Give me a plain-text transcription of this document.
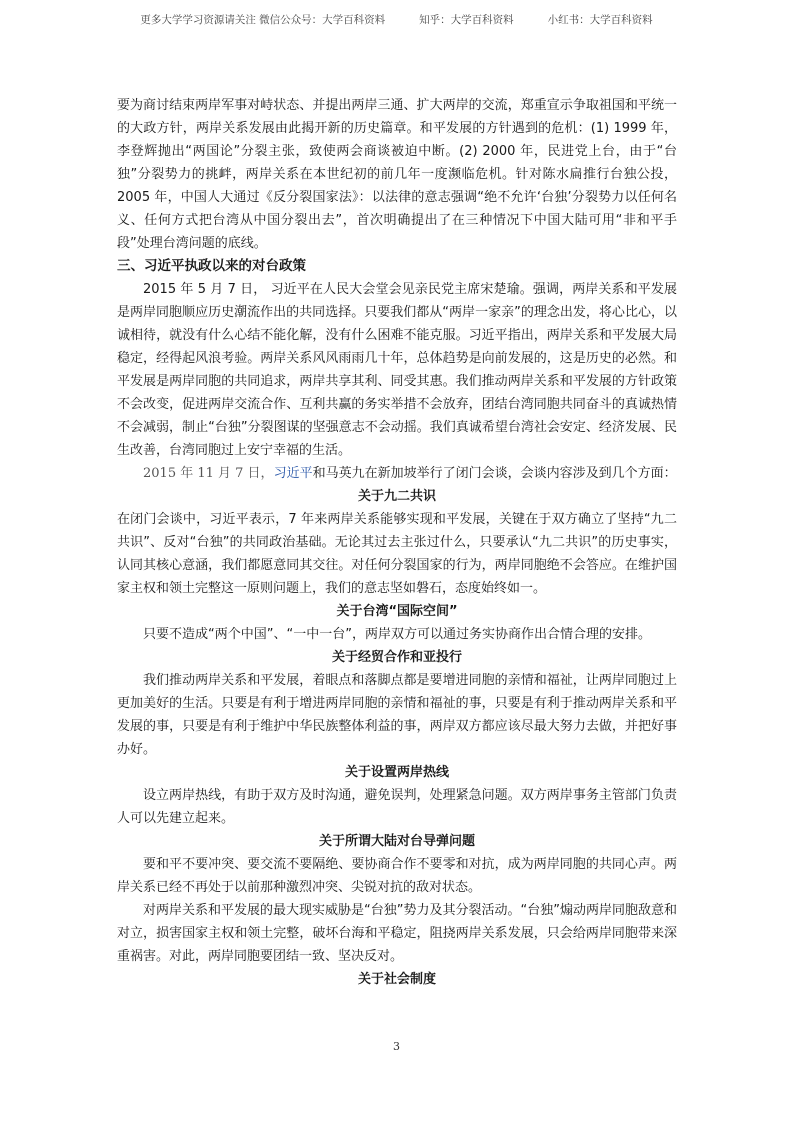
更多大学学习资源请关注 微信公众号：大学百科资料	知乎：大学百科资料	小红书：大学百科资料

要为商讨结束两岸军事对峙状态、并提出两岸三通、扩大两岸的交流，郑重宣示争取祖国和平统一的大政方针，两岸关系发展由此揭开新的历史篇章。和平发展的方针遇到的危机：(1) 1999 年，李登辉抛出“两国论”分裂主张，致使两会商谈被迫中断。(2) 2000 年，民进党上台，由于“台独”分裂势力的挑衅，两岸关系在本世纪初的前几年一度濒临危机。针对陈水扁推行台独公投，2005 年，中国人大通过《反分裂国家法》：以法律的意志强调“绝不允许‘台独’分裂势力以任何名义、任何方式把台湾从中国分裂出去”，首次明确提出了在三种情况下中国大陆可用“非和平手段”处理台湾问题的底线。

三、习近平执政以来的对台政策

2015 年 5 月 7 日， 习近平在人民大会堂会见亲民党主席宋楚瑜。强调，两岸关系和平发展是两岸同胞顺应历史潮流作出的共同选择。只要我们都从“两岸一家亲”的理念出发，将心比心，以诚相待，就没有什么心结不能化解，没有什么困难不能克服。习近平指出，两岸关系和平发展大局稳定，经得起风浪考验。两岸关系风风雨雨几十年，总体趋势是向前发展的，这是历史的必然。和平发展是两岸同胞的共同追求，两岸共享其利、同受其惠。我们推动两岸关系和平发展的方针政策不会改变，促进两岸交流合作、互利共赢的务实举措不会放弃，团结台湾同胞共同奋斗的真诚热情不会减弱，制止“台独”分裂图谋的坚强意志不会动摇。我们真诚希望台湾社会安定、经济发展、民生改善，台湾同胞过上安宁幸福的生活。

2015 年 11 月 7 日，习近平和马英九在新加坡举行了闭门会谈，会谈内容涉及到几个方面：

关于九二共识

在闭门会谈中，习近平表示，7 年来两岸关系能够实现和平发展，关键在于双方确立了坚持“九二共识”、反对“台独”的共同政治基础。无论其过去主张过什么，只要承认“九二共识”的历史事实，认同其核心意涵，我们都愿意同其交往。对任何分裂国家的行为，两岸同胞绝不会答应。在维护国家主权和领土完整这一原则问题上，我们的意志坚如磐石，态度始终如一。

关于台湾“国际空间”

只要不造成“两个中国”、“一中一台”，两岸双方可以通过务实协商作出合情合理的安排。

关于经贸合作和亚投行

我们推动两岸关系和平发展，着眼点和落脚点都是要增进同胞的亲情和福祉，让两岸同胞过上更加美好的生活。只要是有利于增进两岸同胞的亲情和福祉的事，只要是有利于推动两岸关系和平发展的事，只要是有利于维护中华民族整体利益的事，两岸双方都应该尽最大努力去做，并把好事办好。

关于设置两岸热线

设立两岸热线，有助于双方及时沟通，避免误判，处理紧急问题。双方两岸事务主管部门负责人可以先建立起来。

关于所谓大陆对台导弹问题

要和平不要冲突、要交流不要隔绝、要协商合作不要零和对抗，成为两岸同胞的共同心声。两岸关系已经不再处于以前那种激烈冲突、尖锐对抗的敌对状态。

对两岸关系和平发展的最大现实威胁是“台独”势力及其分裂活动。“台独”煽动两岸同胞敌意和对立，损害国家主权和领土完整，破坏台海和平稳定，阻挠两岸关系发展，只会给两岸同胞带来深重祸害。对此，两岸同胞要团结一致、坚决反对。

关于社会制度
3
